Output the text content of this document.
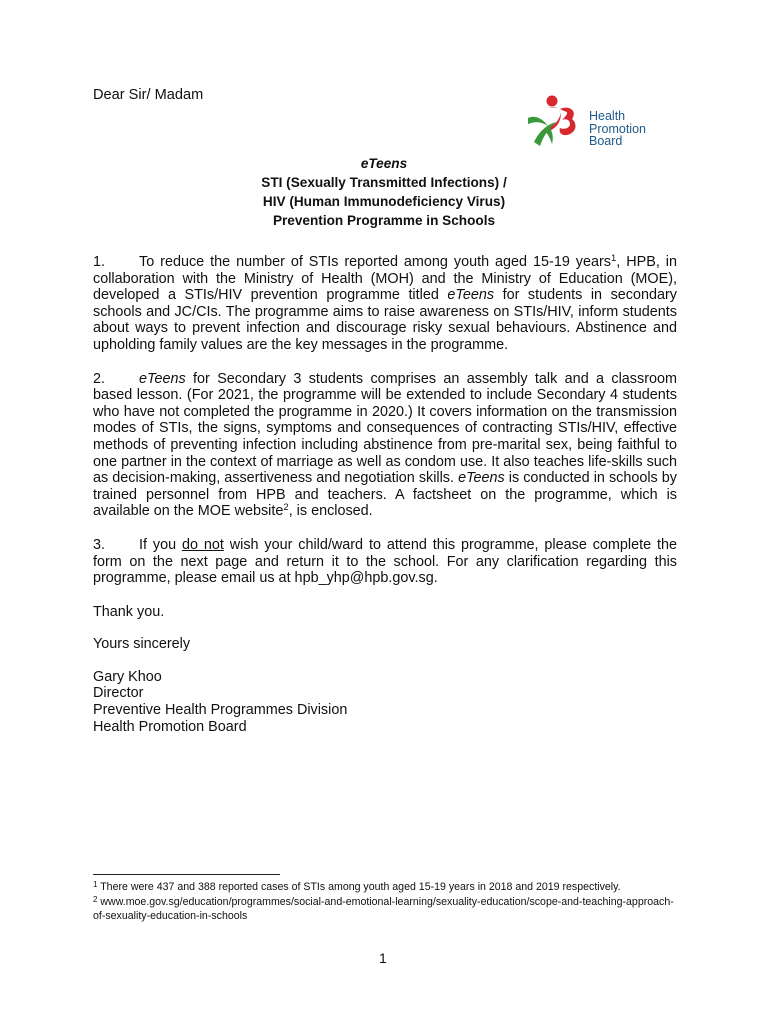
Dear Sir/ Madam

Health
Promotion
Board
eTeens
STI (Sexually Transmitted Infections) /
HIV (Human Immunodeficiency Virus)
Prevention Programme in Schools

1. To reduce the number of STIs reported among youth aged 15-19 years$^1$, HPB, in collaboration with the Ministry of Health (MOH) and the Ministry of Education (MOE), developed a STIs/HIV prevention programme titled eTeens for students in secondary schools and JC/CIs. The programme aims to raise awareness on STIs/HIV, inform students about ways to prevent infection and discourage risky sexual behaviours. Abstinence and upholding family values are the key messages in the programme.

2. eTeens for Secondary 3 students comprises an assembly talk and a classroom based lesson. (For 2021, the programme will be extended to include Secondary 4 students who have not completed the programme in 2020.) It covers information on the transmission modes of STIs, the signs, symptoms and consequences of contracting STIs/HIV, effective methods of preventing infection including abstinence from pre-marital sex, being faithful to one partner in the context of marriage as well as condom use. It also teaches life-skills such as decision-making, assertiveness and negotiation skills. eTeens is conducted in schools by trained personnel from HPB and teachers. A factsheet on the programme, which is available on the MOE website$^2$, is enclosed.

3. If you do not wish your child/ward to attend this programme, please complete the form on the next page and return it to the school. For any clarification regarding this programme, please email us at hpb_yhp@hpb.gov.sg.

Thank you.

Yours sincerely

Gary Khoo

Director

Preventive Health Programmes Division

Health Promotion Board

$^1$ There were 437 and 388 reported cases of STIs among youth aged 15-19 years in 2018 and 2019 respectively.

$^2$ www.moe.gov.sg/education/programmes/social-and-emotional-learning/sexuality-education/scope-and-teaching-approach-of-sexuality-education-in-schools

1
